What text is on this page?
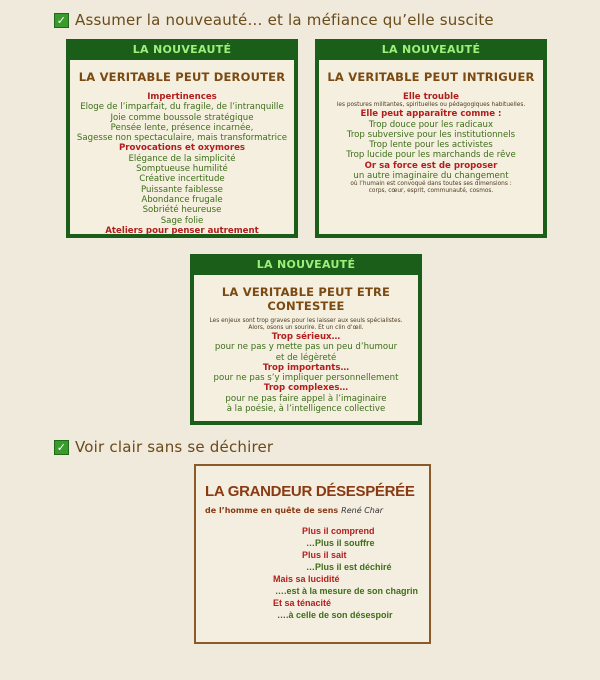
✓ Assumer la nouveauté… et la méfiance qu’elle suscite
LA NOUVEAUTÉ
LA VERITABLE PEUT DEROUTER
Impertinences
Eloge de l’imparfait, du fragile, de l’intranquille
Joie comme boussole stratégique
Pensée lente, présence incarnée,
Sagesse non spectaculaire, mais transformatrice
Provocations et oxymores
Elégance de la simplicité
Somptueuse humilité
Créative incertitude
Puissante faiblesse
Abondance frugale
Sobriété heureuse
Sage folie
Ateliers pour penser autrement
LA NOUVEAUTÉ
LA VERITABLE PEUT INTRIGUER
Elle trouble
les postures militantes, spirituelles ou pédagogiques habituelles.
Elle peut apparaître comme :
Trop douce pour les radicaux
Trop subversive pour les institutionnels
Trop lente pour les activistes
Trop lucide pour les marchands de rêve
Or sa force est de proposer
un autre imaginaire du changement
où l’humain est convoqué dans toutes ses dimensions :
corps, cœur, esprit, communauté, cosmos.
LA NOUVEAUTÉ
LA VERITABLE PEUT ETRE CONTESTEE
Les enjeux sont trop graves pour les laisser aux seuls spécialistes.
Alors, osons un sourire. Et un clin d’œil.
Trop sérieux…
pour ne pas y mette pas un peu d’humour
et de légèreté
Trop importants…
pour ne pas s’y impliquer personnellement
Trop complexes…
pour ne pas faire appel à l’imaginaire
à la poésie, à l’intelligence collective
✓ Voir clair sans se déchirer
LA GRANDEUR DÉSESPÉRÉE
de l’homme en quête de sens René Char
Plus il comprend
…Plus il souffre
Plus il sait
…Plus il est déchiré
Mais sa lucidité
….est à la mesure de son chagrin
Et sa ténacité
….à celle de son désespoir
